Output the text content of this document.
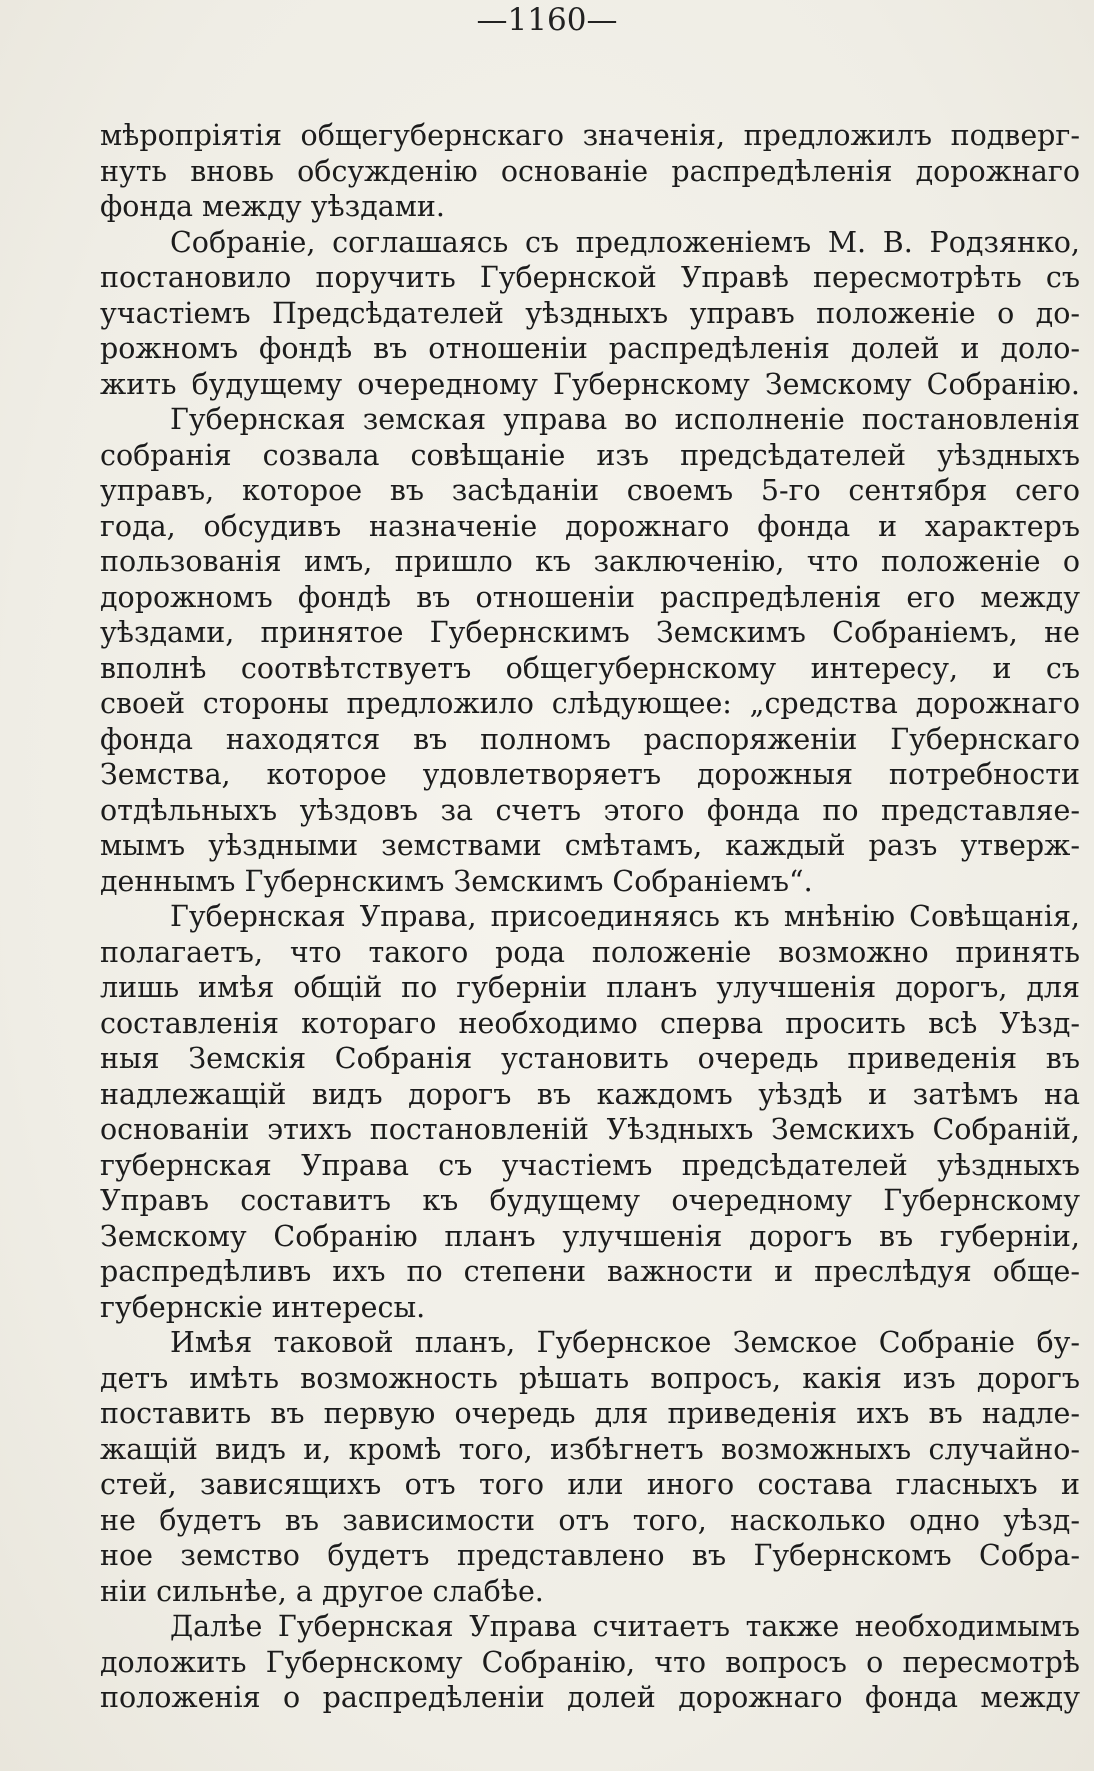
—1160—
мѣропріятія общегубернскаго значенія, предложилъ подверг-
нуть вновь обсужденію основаніе распредѣленія дорожнаго
фонда между уѣздами.
Собраніе, соглашаясь съ предложеніемъ М. В. Родзянко,
постановило поручить Губернской Управѣ пересмотрѣть съ
участіемъ Предсѣдателей уѣздныхъ управъ положеніе о до-
рожномъ фондѣ въ отношеніи распредѣленія долей и доло-
жить будущему очередному Губернскому Земскому Собранію.
Губернская земская управа во исполненіе постановленія
собранія созвала совѣщаніе изъ предсѣдателей уѣздныхъ
управъ, которое въ засѣданіи своемъ 5-го сентября сего
года, обсудивъ назначеніе дорожнаго фонда и характеръ
пользованія имъ, пришло къ заключенію, что положеніе о
дорожномъ фондѣ въ отношеніи распредѣленія его между
уѣздами, принятое Губернскимъ Земскимъ Собраніемъ, не
вполнѣ соотвѣтствуетъ общегубернскому интересу, и съ
своей стороны предложило слѣдующее: „средства дорожнаго
фонда находятся въ полномъ распоряженіи Губернскаго
Земства, которое удовлетворяетъ дорожныя потребности
отдѣльныхъ уѣздовъ за счетъ этого фонда по представляе-
мымъ уѣздными земствами смѣтамъ, каждый разъ утверж-
деннымъ Губернскимъ Земскимъ Собраніемъ“.
Губернская Управа, присоединяясь къ мнѣнію Совѣщанія,
полагаетъ, что такого рода положеніе возможно принять
лишь имѣя общій по губерніи планъ улучшенія дорогъ, для
составленія котораго необходимо сперва просить всѣ Уѣзд-
ныя Земскія Собранія установить очередь приведенія въ
надлежащій видъ дорогъ въ каждомъ уѣздѣ и затѣмъ на
основаніи этихъ постановленій Уѣздныхъ Земскихъ Собраній,
губернская Управа съ участіемъ предсѣдателей уѣздныхъ
Управъ составитъ къ будущему очередному Губернскому
Земскому Собранію планъ улучшенія дорогъ въ губерніи,
распредѣливъ ихъ по степени важности и преслѣдуя обще-
губернскіе интересы.
Имѣя таковой планъ, Губернское Земское Собраніе бу-
детъ имѣть возможность рѣшать вопросъ, какія изъ дорогъ
поставить въ первую очередь для приведенія ихъ въ надле-
жащій видъ и, кромѣ того, избѣгнетъ возможныхъ случайно-
стей, зависящихъ отъ того или иного состава гласныхъ и
не будетъ въ зависимости отъ того, насколько одно уѣзд-
ное земство будетъ представлено въ Губернскомъ Собра-
ніи сильнѣе, а другое слабѣе.
Далѣе Губернская Управа считаетъ также необходимымъ
доложить Губернскому Собранію, что вопросъ о пересмотрѣ
положенія о распредѣленіи долей дорожнаго фонда между
